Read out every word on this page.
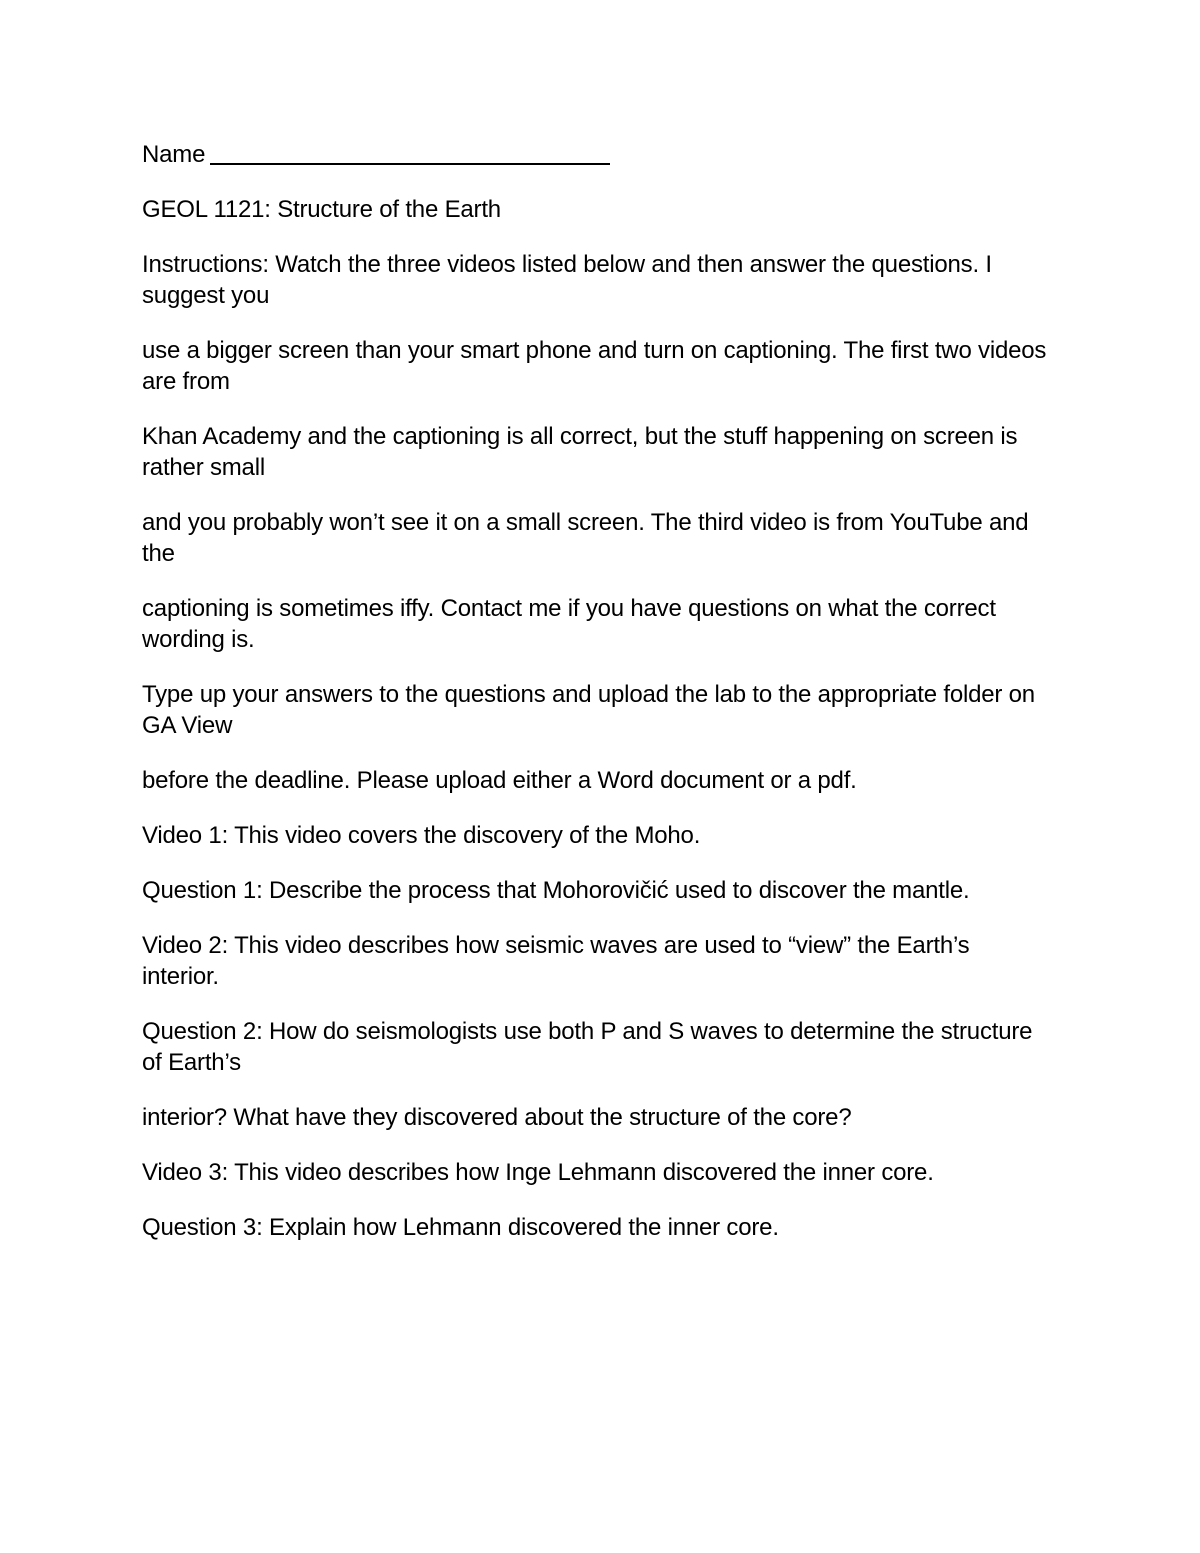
Name

GEOL 1121: Structure of the Earth

Instructions: Watch the three videos listed below and then answer the questions. I suggest you

use a bigger screen than your smart phone and turn on captioning. The first two videos are from

Khan Academy and the captioning is all correct, but the stuff happening on screen is rather small

and you probably won’t see it on a small screen. The third video is from YouTube and the

captioning is sometimes iffy. Contact me if you have questions on what the correct wording is.

Type up your answers to the questions and upload the lab to the appropriate folder on GA View

before the deadline. Please upload either a Word document or a pdf.

Video 1: This video covers the discovery of the Moho.

Question 1: Describe the process that Mohorovičić used to discover the mantle.

Video 2: This video describes how seismic waves are used to “view” the Earth’s interior.

Question 2: How do seismologists use both P and S waves to determine the structure of Earth’s

interior? What have they discovered about the structure of the core?

Video 3: This video describes how Inge Lehmann discovered the inner core.

Question 3: Explain how Lehmann discovered the inner core.
